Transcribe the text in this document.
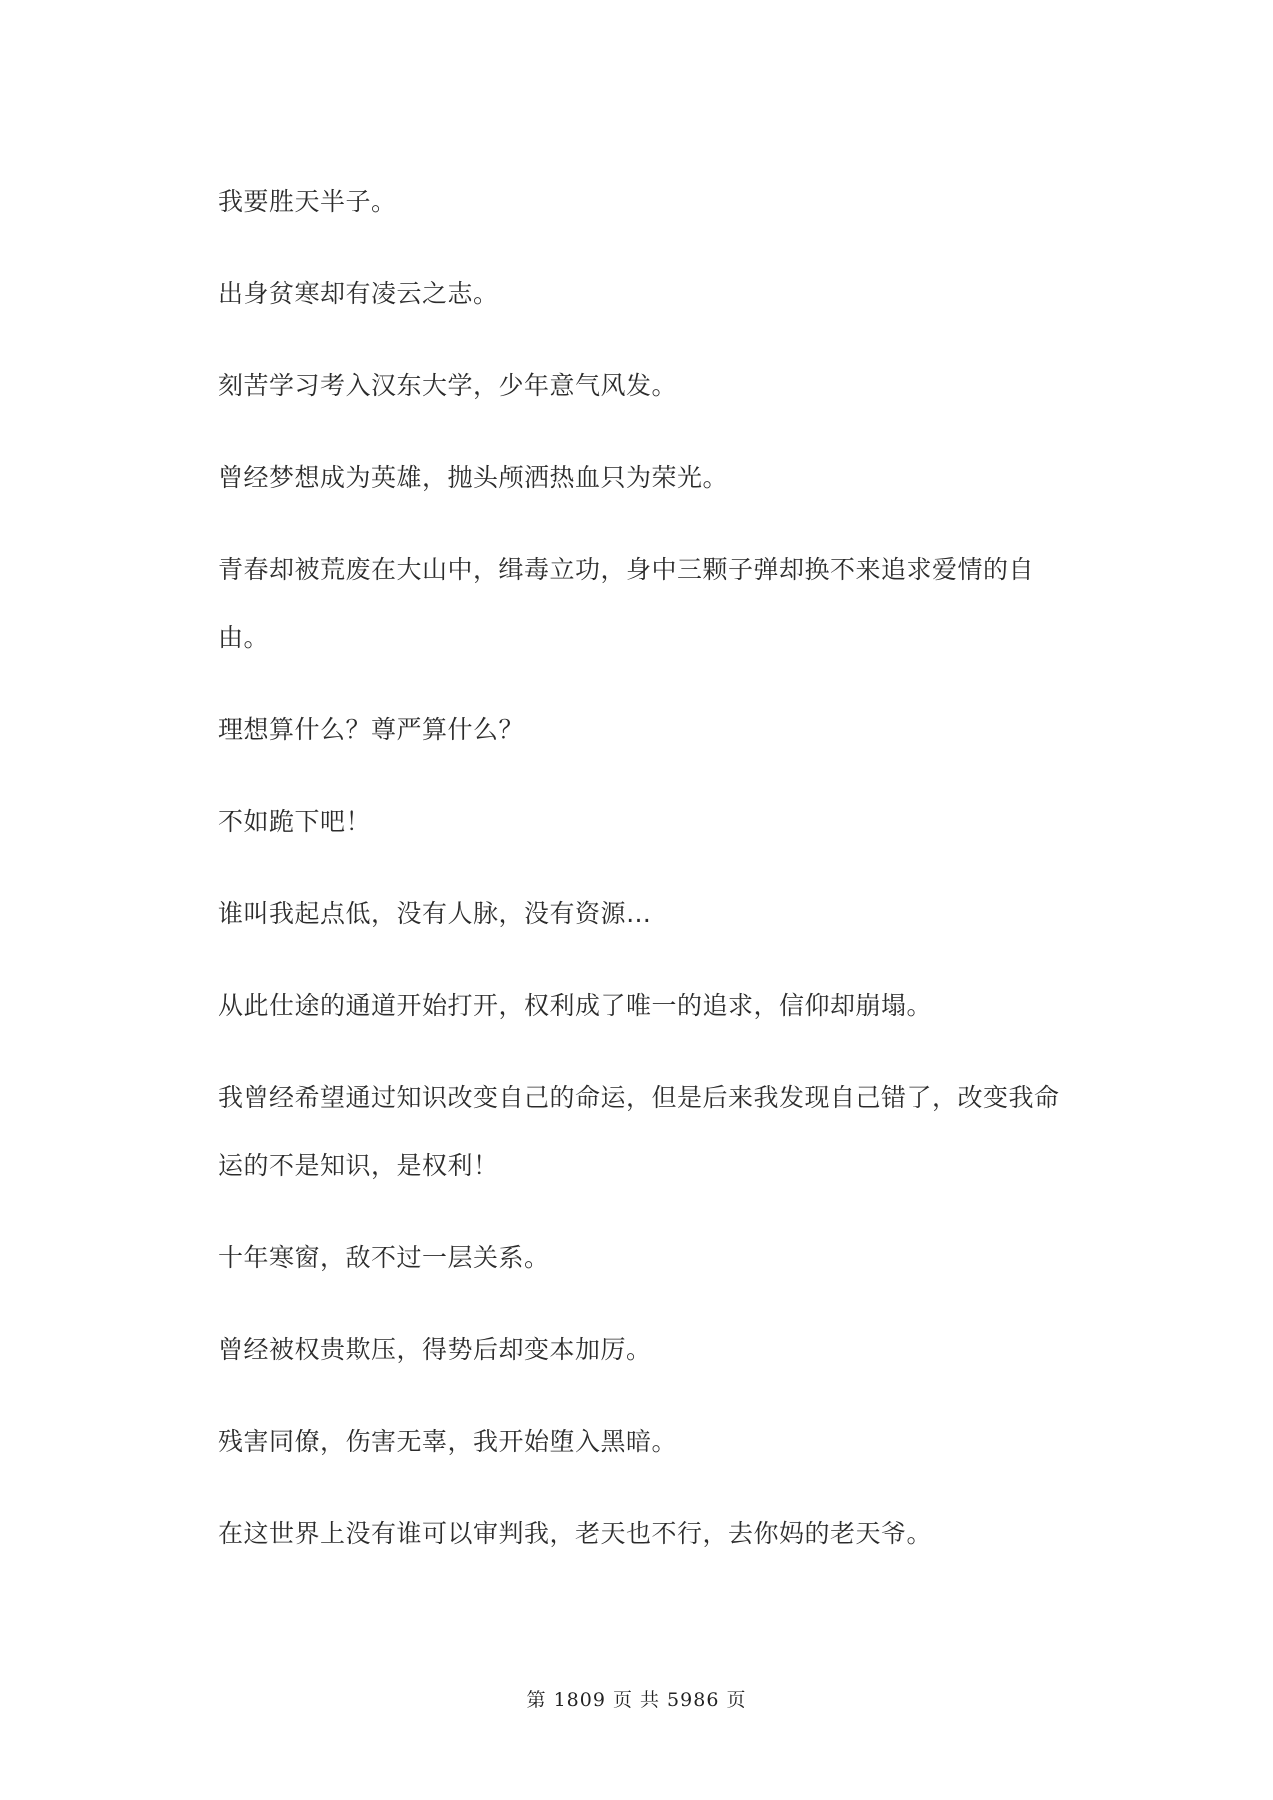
我要胜天半子。

出身贫寒却有凌云之志。

刻苦学习考入汉东大学，少年意气风发。

曾经梦想成为英雄，抛头颅洒热血只为荣光。

青春却被荒废在大山中，缉毒立功，身中三颗子弹却换不来追求爱情的自由。

理想算什么？尊严算什么？

不如跪下吧！

谁叫我起点低，没有人脉，没有资源…

从此仕途的通道开始打开，权利成了唯一的追求，信仰却崩塌。

我曾经希望通过知识改变自己的命运，但是后来我发现自己错了，改变我命运的不是知识，是权利！

十年寒窗，敌不过一层关系。

曾经被权贵欺压，得势后却变本加厉。

残害同僚，伤害无辜，我开始堕入黑暗。

在这世界上没有谁可以审判我，老天也不行，去你妈的老天爷。

第 1809 页 共 5986 页
